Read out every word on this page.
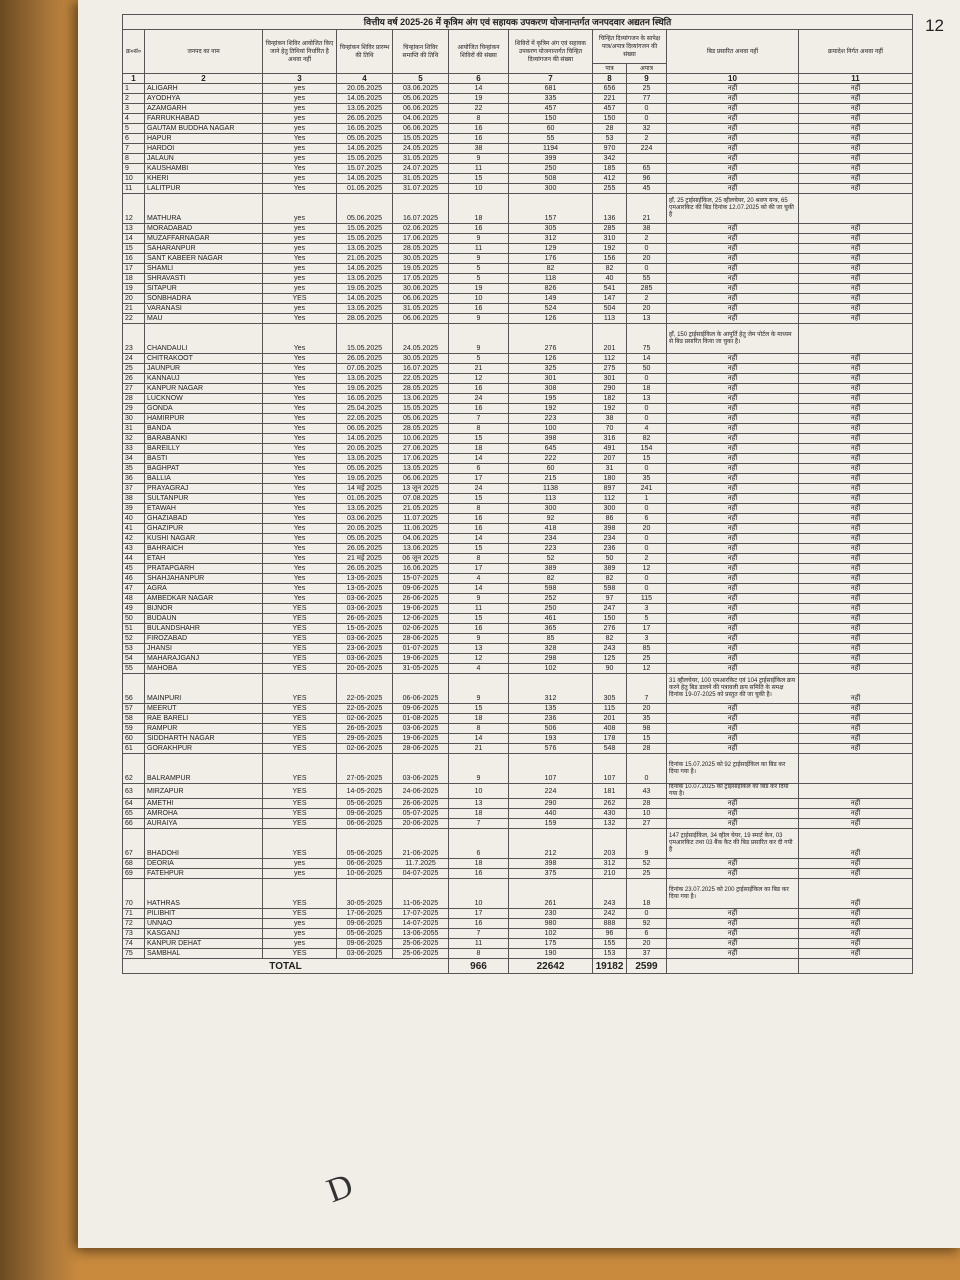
12
D
वित्तीय वर्ष 2025-26 में कृत्रिम अंग एवं सहायक उपकरण योजनान्तर्गत जनपदवार अद्यतन स्थिति										
क्र०सं०	जनपद का नाम	चिन्हांकन शिविर आयोजित किए जाने हेतु तिथियां निर्धारित है अथवा नहीं	चिन्हांकन शिविर प्रारम्भ की तिथि	चिन्हांकन शिविर समाप्ति की तिथि	आयोजित चिन्हांकन शिविरों की संख्या	शिविरों में कृत्रिम अंग एवं सहायक उपकरण योजनान्तर्गत चिन्हित दिव्यांगजन की संख्या	चिन्हित दिव्यांगजन के सापेक्ष पात्र/अपात्र दिव्यांगजन की संख्या		बिड प्रसारित अथवा नहीं	क्रयादेश निर्गत अथवा नहीं
							पात्र	अपात्र		
1	2	3	4	5	6	7	8	9	10	11
1	ALIGARH	yes	20.05.2025	03.06.2025	14	681	656	25	नहीं	नहीं
2	AYODHYA	yes	14.05.2025	05.06.2025	19	335	221	77	नहीं	नहीं
3	AZAMGARH	yes	13.05.2025	06.06.2025	22	457	457	0	नहीं	नहीं
4	FARRUKHABAD	yes	26.05.2025	04.06.2025	8	150	150	0	नहीं	नहीं
5	GAUTAM BUDDHA NAGAR	yes	16.05.2025	06.06.2025	16	60	28	32	नहीं	नहीं
6	HAPUR	Yes	05.05.2025	15.05.2025	16	55	53	2	नहीं	नहीं
7	HARDOI	yes	14.05.2025	24.05.2025	38	1194	970	224	नहीं	नहीं
8	JALAUN	yes	15.05.2025	31.05.2025	9	399	342		नहीं	नहीं
9	KAUSHAMBI	Yes	15.07.2025	24.07.2025	11	250	185	65	नहीं	नहीं
10	KHERI	yes	14.05.2025	31.05.2025	15	508	412	96	नहीं	नहीं
11	LALITPUR	Yes	01.05.2025	31.07.2025	10	300	255	45	नहीं	नहीं
12	MATHURA	yes	05.06.2025	16.07.2025	18	157	136	21	हाँ, 25 ट्राईसाईकिल, 25 व्हीलचेयर, 20 श्रवण यन्त्र, 65 एमआरकिट की बिड दिनांक 12.07.2025 को की जा चुकी है	
13	MORADABAD	yes	15.05.2025	02.06.2025	16	305	285	38	नहीं	नहीं
14	MUZAFFARNAGAR	yes	15.05.2025	17.06.2025	9	312	310	2	नहीं	नहीं
15	SAHARANPUR	yes	13.05.2025	28.05.2025	11	129	192	0	नहीं	नहीं
16	SANT KABEER NAGAR	Yes	21.05.2025	30.05.2025	9	176	156	20	नहीं	नहीं
17	SHAMLI	yes	14.05.2025	19.05.2025	5	82	82	0	नहीं	नहीं
18	SHRAVASTI	yes	13.05.2025	17.05.2025	5	118	40	55	नहीं	नहीं
19	SITAPUR	yes	19.05.2025	30.06.2025	19	826	541	285	नहीं	नहीं
20	SONBHADRA	YES	14.05.2025	06.06.2025	10	149	147	2	नहीं	नहीं
21	VARANASI	yes	13.05.2025	31.05.2025	16	524	504	20	नहीं	नहीं
22	MAU	Yes	28.05.2025	06.06.2025	9	126	113	13	नहीं	नहीं
23	CHANDAULI	Yes	15.05.2025	24.05.2025	9	276	201	75	हाँ, 150 ट्राईसाईकिल के आपूर्ति हेतु जेम पोर्टल के माध्यम से बिड प्रसारित किया जा चुका है।	
24	CHITRAKOOT	Yes	26.05.2025	30.05.2025	5	126	112	14	नहीं	नहीं
25	JAUNPUR	Yes	07.05.2025	16.07.2025	21	325	275	50	नहीं	नहीं
26	KANNAUJ	Yes	13.05.2025	22.05.2025	12	301	301	0	नहीं	नहीं
27	KANPUR NAGAR	Yes	19.05.2025	28.05.2025	16	308	290	18	नहीं	नहीं
28	LUCKNOW	Yes	16.05.2025	13.06.2025	24	195	182	13	नहीं	नहीं
29	GONDA	Yes	25.04.2025	15.05.2025	16	192	192	0	नहीं	नहीं
30	HAMIRPUR	Yes	22.05.2025	05.06.2025	7	223	38	0	नहीं	नहीं
31	BANDA	Yes	06.05.2025	28.05.2025	8	100	70	4	नहीं	नहीं
32	BARABANKI	Yes	14.05.2025	10.06.2025	15	398	316	82	नहीं	नहीं
33	BAREILLY	Yes	20.05.2025	27.06.2025	18	645	491	154	नहीं	नहीं
34	BASTI	Yes	13.05.2025	17.06.2025	14	222	207	15	नहीं	नहीं
35	BAGHPAT	Yes	05.05.2025	13.05.2025	6	60	31	0	नहीं	नहीं
36	BALLIA	Yes	19.05.2025	06.06.2025	17	215	180	35	नहीं	नहीं
37	PRAYAGRAJ	Yes	14 मई 2025	13 जून 2025	24	1138	897	241	नहीं	नहीं
38	SULTANPUR	Yes	01.05.2025	07.08.2025	15	113	112	1	नहीं	नहीं
39	ETAWAH	Yes	13.05.2025	21.05.2025	8	300	300	0	नहीं	नहीं
40	GHAZIABAD	Yes	03.06.2025	11.07.2025	16	92	86	6	नहीं	नहीं
41	GHAZIPUR	Yes	20.05.2025	11.06.2025	16	418	398	20	नहीं	नहीं
42	KUSHI NAGAR	Yes	05.05.2025	04.06.2025	14	234	234	0	नहीं	नहीं
43	BAHRAICH	Yes	26.05.2025	13.06.2025	15	223	236	0	नहीं	नहीं
44	ETAH	Yes	21 मई 2025	06 जून 2025	8	52	50	2	नहीं	नहीं
45	PRATAPGARH	Yes	26.05.2025	16.06.2025	17	389	389	12	नहीं	नहीं
46	SHAHJAHANPUR	Yes	13-05-2025	15-07-2025	4	82	82	0	नहीं	नहीं
47	AGRA	Yes	13-05-2025	09-06-2025	14	598	598	0	नहीं	नहीं
48	AMBEDKAR NAGAR	Yes	03-06-2025	26-06-2025	9	252	97	115	नहीं	नहीं
49	BIJNOR	YES	03-06-2025	19-06-2025	11	250	247	3	नहीं	नहीं
50	BUDAUN	YES	26-05-2025	12-06-2025	15	461	150	5	नहीं	नहीं
51	BULANDSHAHR	YES	15-05-2025	02-06-2025	16	365	276	17	नहीं	नहीं
52	FIROZABAD	YES	03-06-2025	28-06-2025	9	85	82	3	नहीं	नहीं
53	JHANSI	YES	23-06-2025	01-07-2025	13	328	243	85	नहीं	नहीं
54	MAHARAJGANJ	YES	03-06-2025	19-06-2025	12	298	125	25	नहीं	नहीं
55	MAHOBA	YES	20-05-2025	31-05-2025	4	102	90	12	नहीं	नहीं
56	MAINPURI	YES	22-05-2025	06-06-2025	9	312	305	7	31 व्हीलचेयर, 100 एमआरकिट एवं 104 ट्राईसाईकिल क्रय करने हेतु बिड डालने की पत्रावली क्रय समिति के समक्ष दिनांक 19-07-2025 को प्रस्तुत की जा चुकी है।	नहीं
57	MEERUT	YES	22-05-2025	09-06-2025	15	135	115	20	नहीं	नहीं
58	RAE BARELI	YES	02-06-2025	01-08-2025	18	236	201	35	नहीं	नहीं
59	RAMPUR	YES	26-05-2025	03-06-2025	8	506	408	98	नहीं	नहीं
60	SIDDHARTH NAGAR	YES	29-05-2025	19-06-2025	14	193	178	15	नहीं	नहीं
61	GORAKHPUR	YES	02-06-2025	28-06-2025	21	576	548	28	नहीं	नहीं
62	BALRAMPUR	YES	27-05-2025	03-06-2025	9	107	107	0	दिनांक 15.07.2025 को 92 ट्राईसाईकिल का बिड कर दिया गया है।	
63	MIRZAPUR	YES	14-05-2025	24-06-2025	10	224	181	43	दिनांक 10.07.2025 को ट्राईसाईकिल का बिड कर दिया गया है।	
64	AMETHI	YES	05-06-2025	26-06-2025	13	290	262	28	नहीं	नहीं
65	AMROHA	YES	09-06-2025	05-07-2025	18	440	430	10	नहीं	नहीं
66	AURAIYA	YES	06-06-2025	20-06-2025	7	159	132	27	नहीं	नहीं
67	BHADOHI	YES	05-06-2025	21-06-2025	6	212	203	9	147 ट्राईसाईकिल, 34 व्हील चेयर, 19 स्मार्ट केन, 03 एमआरकिट तथा 03 बैंक कैट की बिड प्रसारित कर दी गयी है	नहीं
68	DEORIA	yes	06-06-2025	11.7.2025	18	398	312	52	नहीं	नहीं
69	FATEHPUR	yes	10-06-2025	04-07-2025	16	375	210	25	नहीं	नहीं
70	HATHRAS	YES	30-05-2025	11-06-2025	10	261	243	18	दिनांक 23.07.2025 को 200 ट्राईसाईकिल का बिड कर दिया गया है।	नहीं
71	PILIBHIT	YES	17-06-2025	17-07-2025	17	230	242	0	नहीं	नहीं
72	UNNAO	yes	09-06-2025	14-07-2025	16	980	888	92	नहीं	नहीं
73	KASGANJ	yes	05-06-2025	13-06-2055	7	102	96	6	नहीं	नहीं
74	KANPUR DEHAT	yes	09-06-2025	25-06-2025	11	175	155	20	नहीं	नहीं
75	SAMBHAL	YES	03-06-2025	25-06-2025	8	190	153	37	नहीं	नहीं
TOTAL					966	22642	19182	2599		
